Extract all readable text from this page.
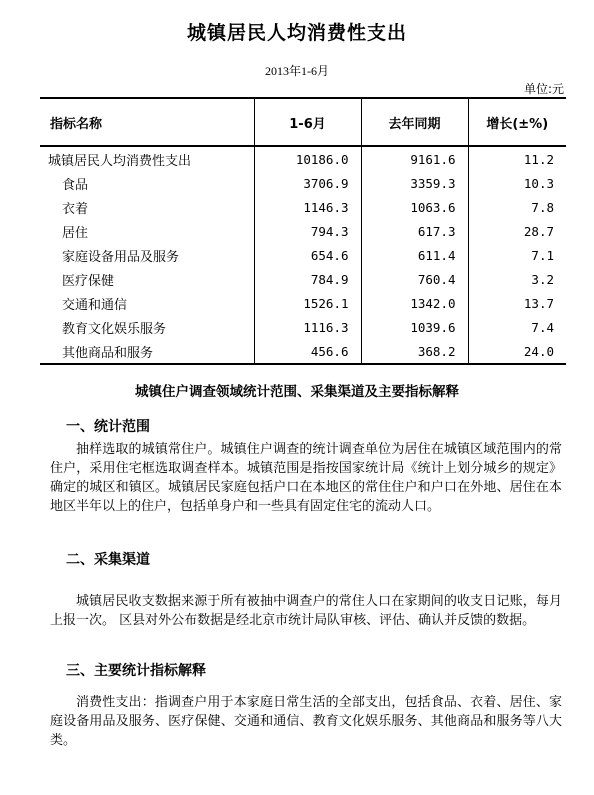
城镇居民人均消费性支出
2013年1-6月
单位:元
指标名称	1-6月	去年同期	增长(±%)
城镇居民人均消费性支出	10186.0	9161.6	11.2
食品	3706.9	3359.3	10.3
衣着	1146.3	1063.6	7.8
居住	794.3	617.3	28.7
家庭设备用品及服务	654.6	611.4	7.1
医疗保健	784.9	760.4	3.2
交通和通信	1526.1	1342.0	13.7
教育文化娱乐服务	1116.3	1039.6	7.4
其他商品和服务	456.6	368.2	24.0
城镇住户调查领域统计范围、采集渠道及主要指标解释
一、统计范围
抽样选取的城镇常住户。城镇住户调查的统计调查单位为居住在城镇区域范围内的常住户，采用住宅框选取调查样本。城镇范围是指按国家统计局《统计上划分城乡的规定》确定的城区和镇区。城镇居民家庭包括户口在本地区的常住住户和户口在外地、居住在本地区半年以上的住户，包括单身户和一些具有固定住宅的流动人口。
二、采集渠道
城镇居民收支数据来源于所有被抽中调查户的常住人口在家期间的收支日记账，每月上报一次。 区县对外公布数据是经北京市统计局队审核、评估、确认并反馈的数据。
三、主要统计指标解释
消费性支出：指调查户用于本家庭日常生活的全部支出，包括食品、衣着、居住、家庭设备用品及服务、医疗保健、交通和通信、教育文化娱乐服务、其他商品和服务等八大类。
